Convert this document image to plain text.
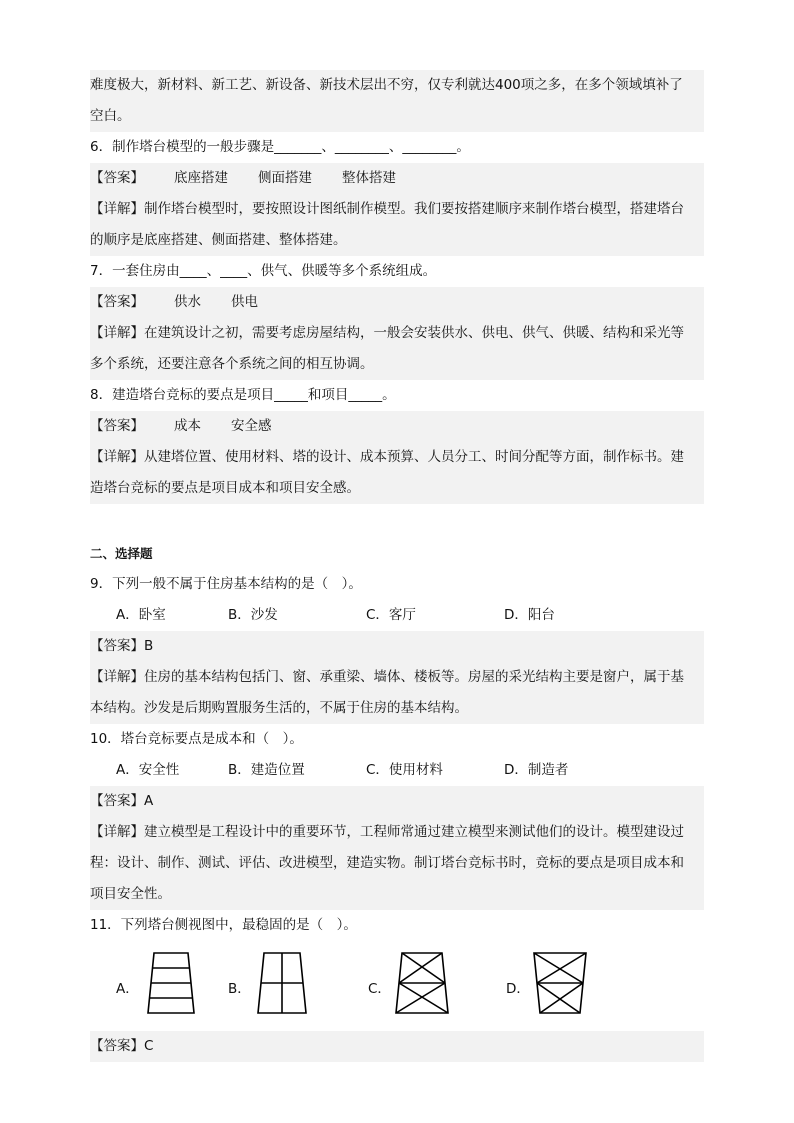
难度极大，新材料、新工艺、新设备、新技术层出不穷，仅专利就达400项之多，在多个领域填补了
空白。
6．制作塔台模型的一般步骤是_______、________、________。
【答案】 底座搭建 侧面搭建 整体搭建
【详解】制作塔台模型时，要按照设计图纸制作模型。我们要按搭建顺序来制作塔台模型，搭建塔台
的顺序是底座搭建、侧面搭建、整体搭建。
7．一套住房由____、____、供气、供暖等多个系统组成。
【答案】 供水 供电
【详解】在建筑设计之初，需要考虑房屋结构，一般会安装供水、供电、供气、供暖、结构和采光等
多个系统，还要注意各个系统之间的相互协调。
8．建造塔台竞标的要点是项目_____和项目_____。
【答案】 成本 安全感
【详解】从建塔位置、使用材料、塔的设计、成本预算、人员分工、时间分配等方面，制作标书。建
造塔台竞标的要点是项目成本和项目安全感。
二、选择题
9．下列一般不属于住房基本结构的是（　）。
A．卧室	B．沙发	C．客厅	D．阳台
【答案】B
【详解】住房的基本结构包括门、窗、承重梁、墙体、楼板等。房屋的采光结构主要是窗户，属于基
本结构。沙发是后期购置服务生活的，不属于住房的基本结构。
10．塔台竞标要点是成本和（　）。
A．安全性	B．建造位置	C．使用材料	D．制造者
【答案】A
【详解】建立模型是工程设计中的重要环节，工程师常通过建立模型来测试他们的设计。模型建设过
程：设计、制作、测试、评估、改进模型，建造实物。制订塔台竞标书时，竞标的要点是项目成本和
项目安全性。
11．下列塔台侧视图中，最稳固的是（　）。
A．	B．	C．	D．
【答案】C
